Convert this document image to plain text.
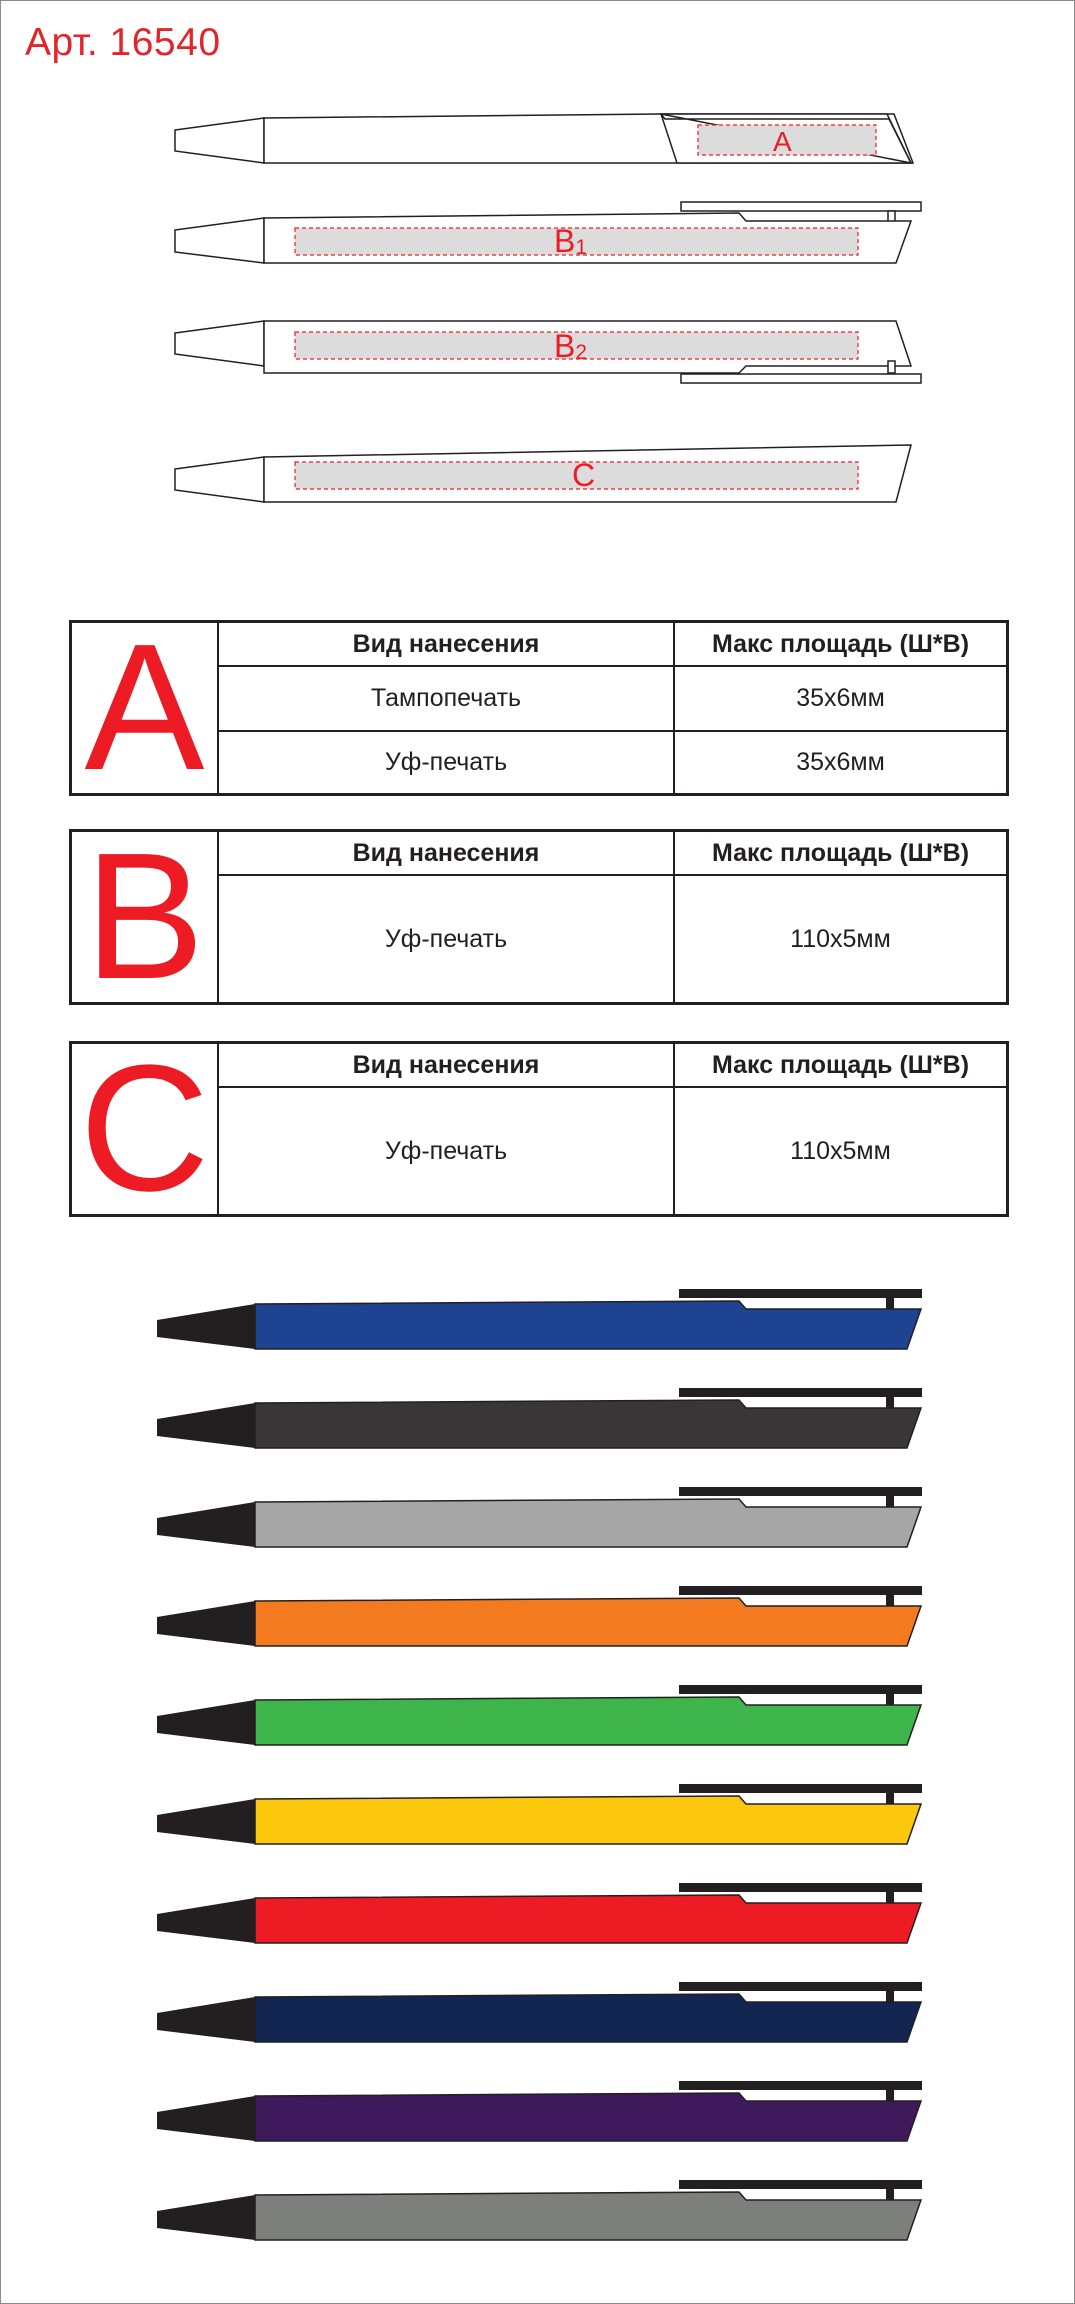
Арт. 16540
A
B1
B2
C
A	Вид нанесения	Макс площадь (Ш*В)
Тампопечать	35х6мм
Уф-печать	35х6мм
B	Вид нанесения	Макс площадь (Ш*В)
Уф-печать	110х5мм
C	Вид нанесения	Макс площадь (Ш*В)
Уф-печать	110х5мм
